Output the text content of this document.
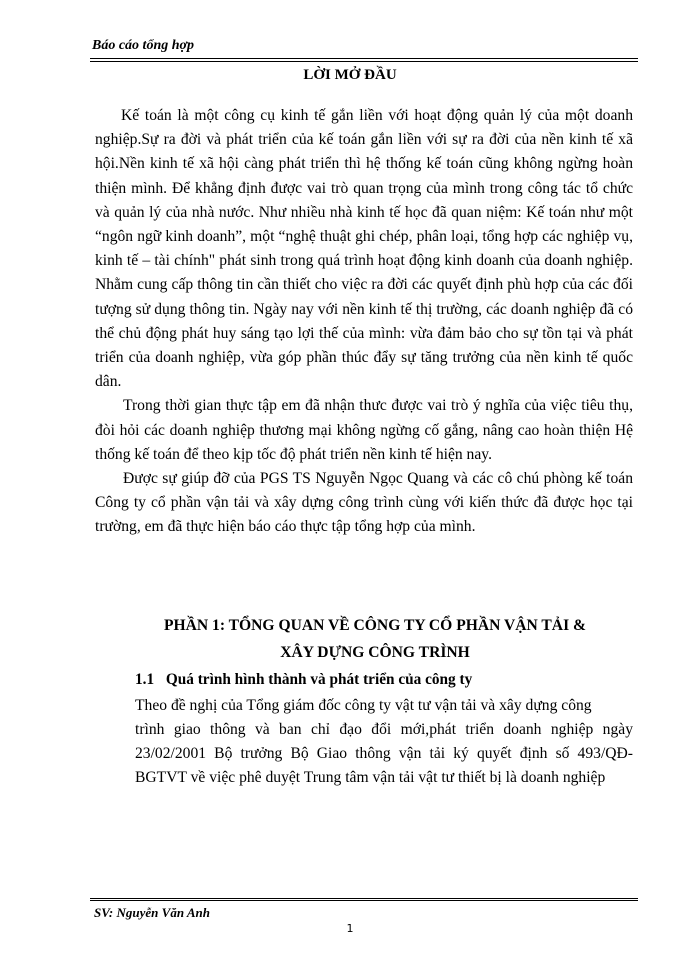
Báo cáo tổng hợp
LỜI MỞ ĐẦU

Kế toán là một công cụ kinh tế gắn liền với hoạt động quản lý của một doanh nghiệp.Sự ra đời và phát triển của kế toán gắn liền với sự ra đời của nền kinh tế xã hội.Nền kinh tế xã hội càng phát triển thì hệ thống kế toán cũng không ngừng hoàn thiện mình. Để khẳng định được vai trò quan trọng của mình trong công tác tổ chức và quản lý của nhà nước. Như nhiều nhà kinh tế học đã quan niệm: Kế toán như một “ngôn ngữ kinh doanh”, một “nghệ thuật ghi chép, phân loại, tổng hợp các nghiệp vụ, kinh tế – tài chính" phát sinh trong quá trình hoạt động kinh doanh của doanh nghiệp. Nhằm cung cấp thông tin cần thiết cho việc ra đời các quyết định phù hợp của các đối tượng sử dụng thông tin. Ngày nay với nền kinh tế thị trường, các doanh nghiệp đã có thể chủ động phát huy sáng tạo lợi thế của mình: vừa đảm bảo cho sự tồn tại và phát triển của doanh nghiệp, vừa góp phần thúc đẩy sự tăng trưởng của nền kinh tế quốc dân.

Trong thời gian thực tập em đã nhận thưc được vai trò ý nghĩa của việc tiêu thụ, đòi hỏi các doanh nghiệp thương mại không ngừng cố gắng, nâng cao hoàn thiện Hệ thống kế toán để theo kịp tốc độ phát triển nền kinh tế hiện nay.

Được sự giúp đỡ của PGS TS Nguyễn Ngọc Quang và các cô chú phòng kế toán Công ty cổ phần vận tải và xây dựng công trình cùng với kiến thức đã được học tại trường, em đã thực hiện báo cáo thực tập tổng hợp của mình.

PHẦN 1: TỔNG QUAN VỀ CÔNG TY CỔ PHẦN VẬN TẢI &
XÂY DỰNG CÔNG TRÌNH
1.1 Quá trình hình thành và phát triển của công ty
Theo đề nghị của Tổng giám đốc công ty vật tư vận tải và xây dựng công

trình giao thông và ban chỉ đạo đổi mới,phát triển doanh nghiệp ngày 23/02/2001 Bộ trưởng Bộ Giao thông vận tải ký quyết định số 493/QĐ-BGTVT về việc phê duyệt Trung tâm vận tải vật tư thiết bị là doanh nghiệp

SV: Nguyễn Văn Anh
1
